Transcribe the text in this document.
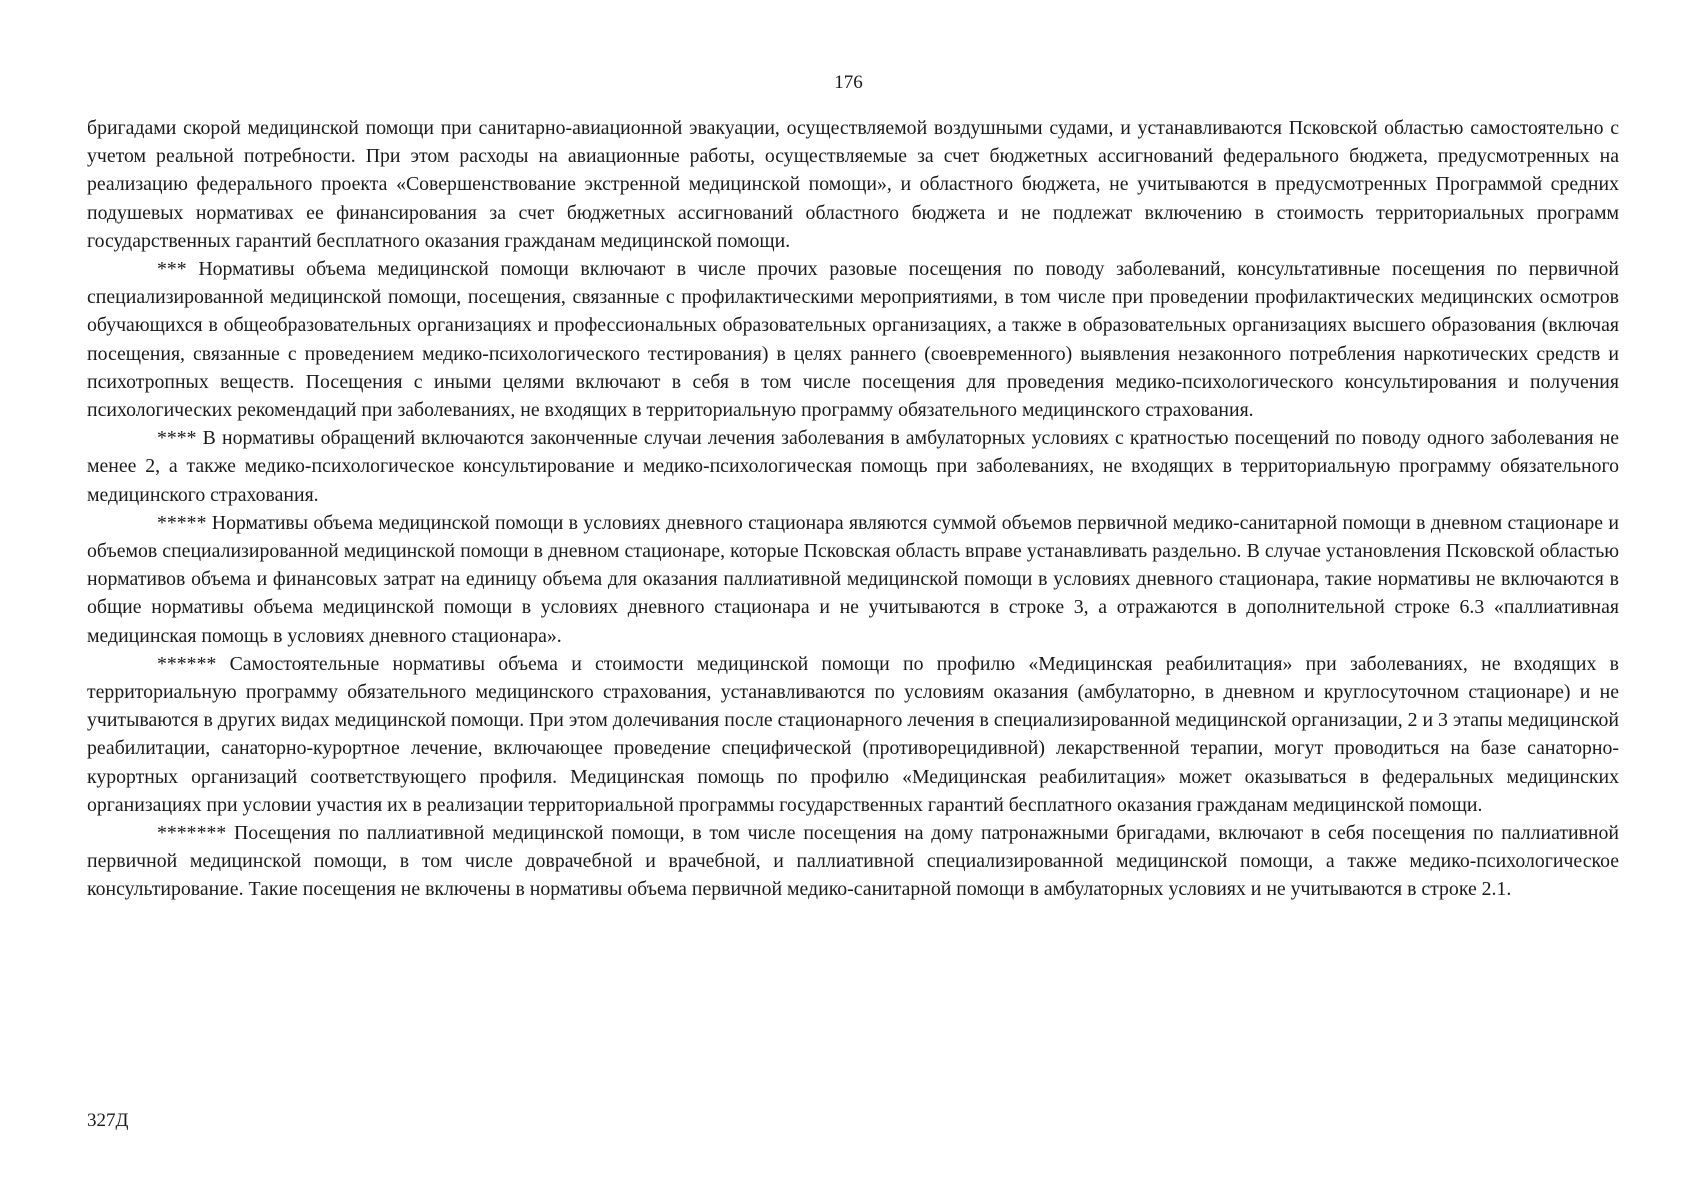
176

бригадами скорой медицинской помощи при санитарно-авиационной эвакуации, осуществляемой воздушными судами, и устанавливаются Псковской областью самостоятельно с учетом реальной потребности. При этом расходы на авиационные работы, осуществляемые за счет бюджетных ассигнований федерального бюджета, предусмотренных на реализацию федерального проекта «Совершенствование экстренной медицинской помощи», и областного бюджета, не учитываются в предусмотренных Программой средних подушевых нормативах ее финансирования за счет бюджетных ассигнований областного бюджета и не подлежат включению в стоимость территориальных программ государственных гарантий бесплатного оказания гражданам медицинской помощи.

*** Нормативы объема медицинской помощи включают в числе прочих разовые посещения по поводу заболеваний, консультативные посещения по первичной специализированной медицинской помощи, посещения, связанные с профилактическими мероприятиями, в том числе при проведении профилактических медицинских осмотров обучающихся в общеобразовательных организациях и профессиональных образовательных организациях, а также в образовательных организациях высшего образования (включая посещения, связанные с проведением медико-психологического тестирования) в целях раннего (своевременного) выявления незаконного потребления наркотических средств и психотропных веществ. Посещения с иными целями включают в себя в том числе посещения для проведения медико-психологического консультирования и получения психологических рекомендаций при заболеваниях, не входящих в территориальную программу обязательного медицинского страхования.

**** В нормативы обращений включаются законченные случаи лечения заболевания в амбулаторных условиях с кратностью посещений по поводу одного заболевания не менее 2, а также медико-психологическое консультирование и медико-психологическая помощь при заболеваниях, не входящих в территориальную программу обязательного медицинского страхования.

***** Нормативы объема медицинской помощи в условиях дневного стационара являются суммой объемов первичной медико-санитарной помощи в дневном стационаре и объемов специализированной медицинской помощи в дневном стационаре, которые Псковская область вправе устанавливать раздельно. В случае установления Псковской областью нормативов объема и финансовых затрат на единицу объема для оказания паллиативной медицинской помощи в условиях дневного стационара, такие нормативы не включаются в общие нормативы объема медицинской помощи в условиях дневного стационара и не учитываются в строке 3, а отражаются в дополнительной строке 6.3 «паллиативная медицинская помощь в условиях дневного стационара».

****** Самостоятельные нормативы объема и стоимости медицинской помощи по профилю «Медицинская реабилитация» при заболеваниях, не входящих в территориальную программу обязательного медицинского страхования, устанавливаются по условиям оказания (амбулаторно, в дневном и круглосуточном стационаре) и не учитываются в других видах медицинской помощи. При этом долечивания после стационарного лечения в специализированной медицинской организации, 2 и 3 этапы медицинской реабилитации, санаторно-курортное лечение, включающее проведение специфической (противорецидивной) лекарственной терапии, могут проводиться на базе санаторно-курортных организаций соответствующего профиля. Медицинская помощь по профилю «Медицинская реабилитация» может оказываться в федеральных медицинских организациях при условии участия их в реализации территориальной программы государственных гарантий бесплатного оказания гражданам медицинской помощи.

******* Посещения по паллиативной медицинской помощи, в том числе посещения на дому патронажными бригадами, включают в себя посещения по паллиативной первичной медицинской помощи, в том числе доврачебной и врачебной, и паллиативной специализированной медицинской помощи, а также медико-психологическое консультирование. Такие посещения не включены в нормативы объема первичной медико-санитарной помощи в амбулаторных условиях и не учитываются в строке 2.1.

327Д
